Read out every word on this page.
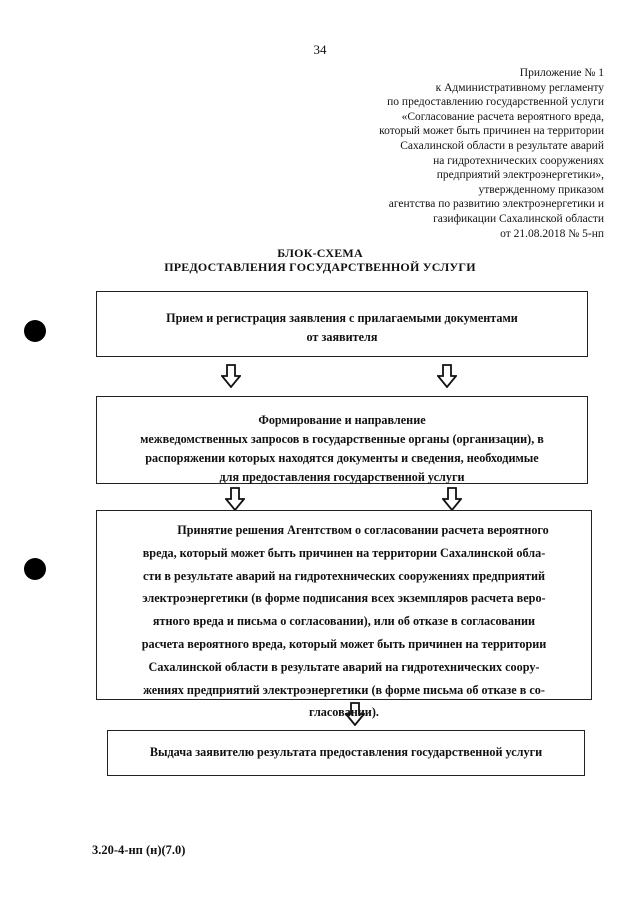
34
Приложение № 1
к Административному регламенту
по предоставлению государственной услуги
«Согласование расчета вероятного вреда,
который может быть причинен на территории
Сахалинской области в результате аварий
на гидротехнических сооружениях
предприятий электроэнергетики»,
утвержденному приказом
агентства по развитию электроэнергетики и
газификации Сахалинской области
от 21.08.2018 № 5-нп
БЛОК-СХЕМА
ПРЕДОСТАВЛЕНИЯ ГОСУДАРСТВЕННОЙ УСЛУГИ
Прием и регистрация заявления с прилагаемыми документами
от заявителя
Формирование и направление
межведомственных запросов в государственные органы (организации), в
распоряжении которых находятся документы и сведения, необходимые
для предоставления государственной услуги
Принятие решения Агентством о согласовании расчета вероятного
вреда, который может быть причинен на территории Сахалинской обла-
сти в результате аварий на гидротехнических сооружениях предприятий
электроэнергетики (в форме подписания всех экземпляров расчета веро-
ятного вреда и письма о согласовании), или об отказе в согласовании
расчета вероятного вреда, который может быть причинен на территории
Сахалинской области в результате аварий на гидротехнических соору-
жениях предприятий электроэнергетики (в форме письма об отказе в со-
гласовании).
Выдача заявителю результата предоставления государственной услуги
3.20-4-нп (н)(7.0)
